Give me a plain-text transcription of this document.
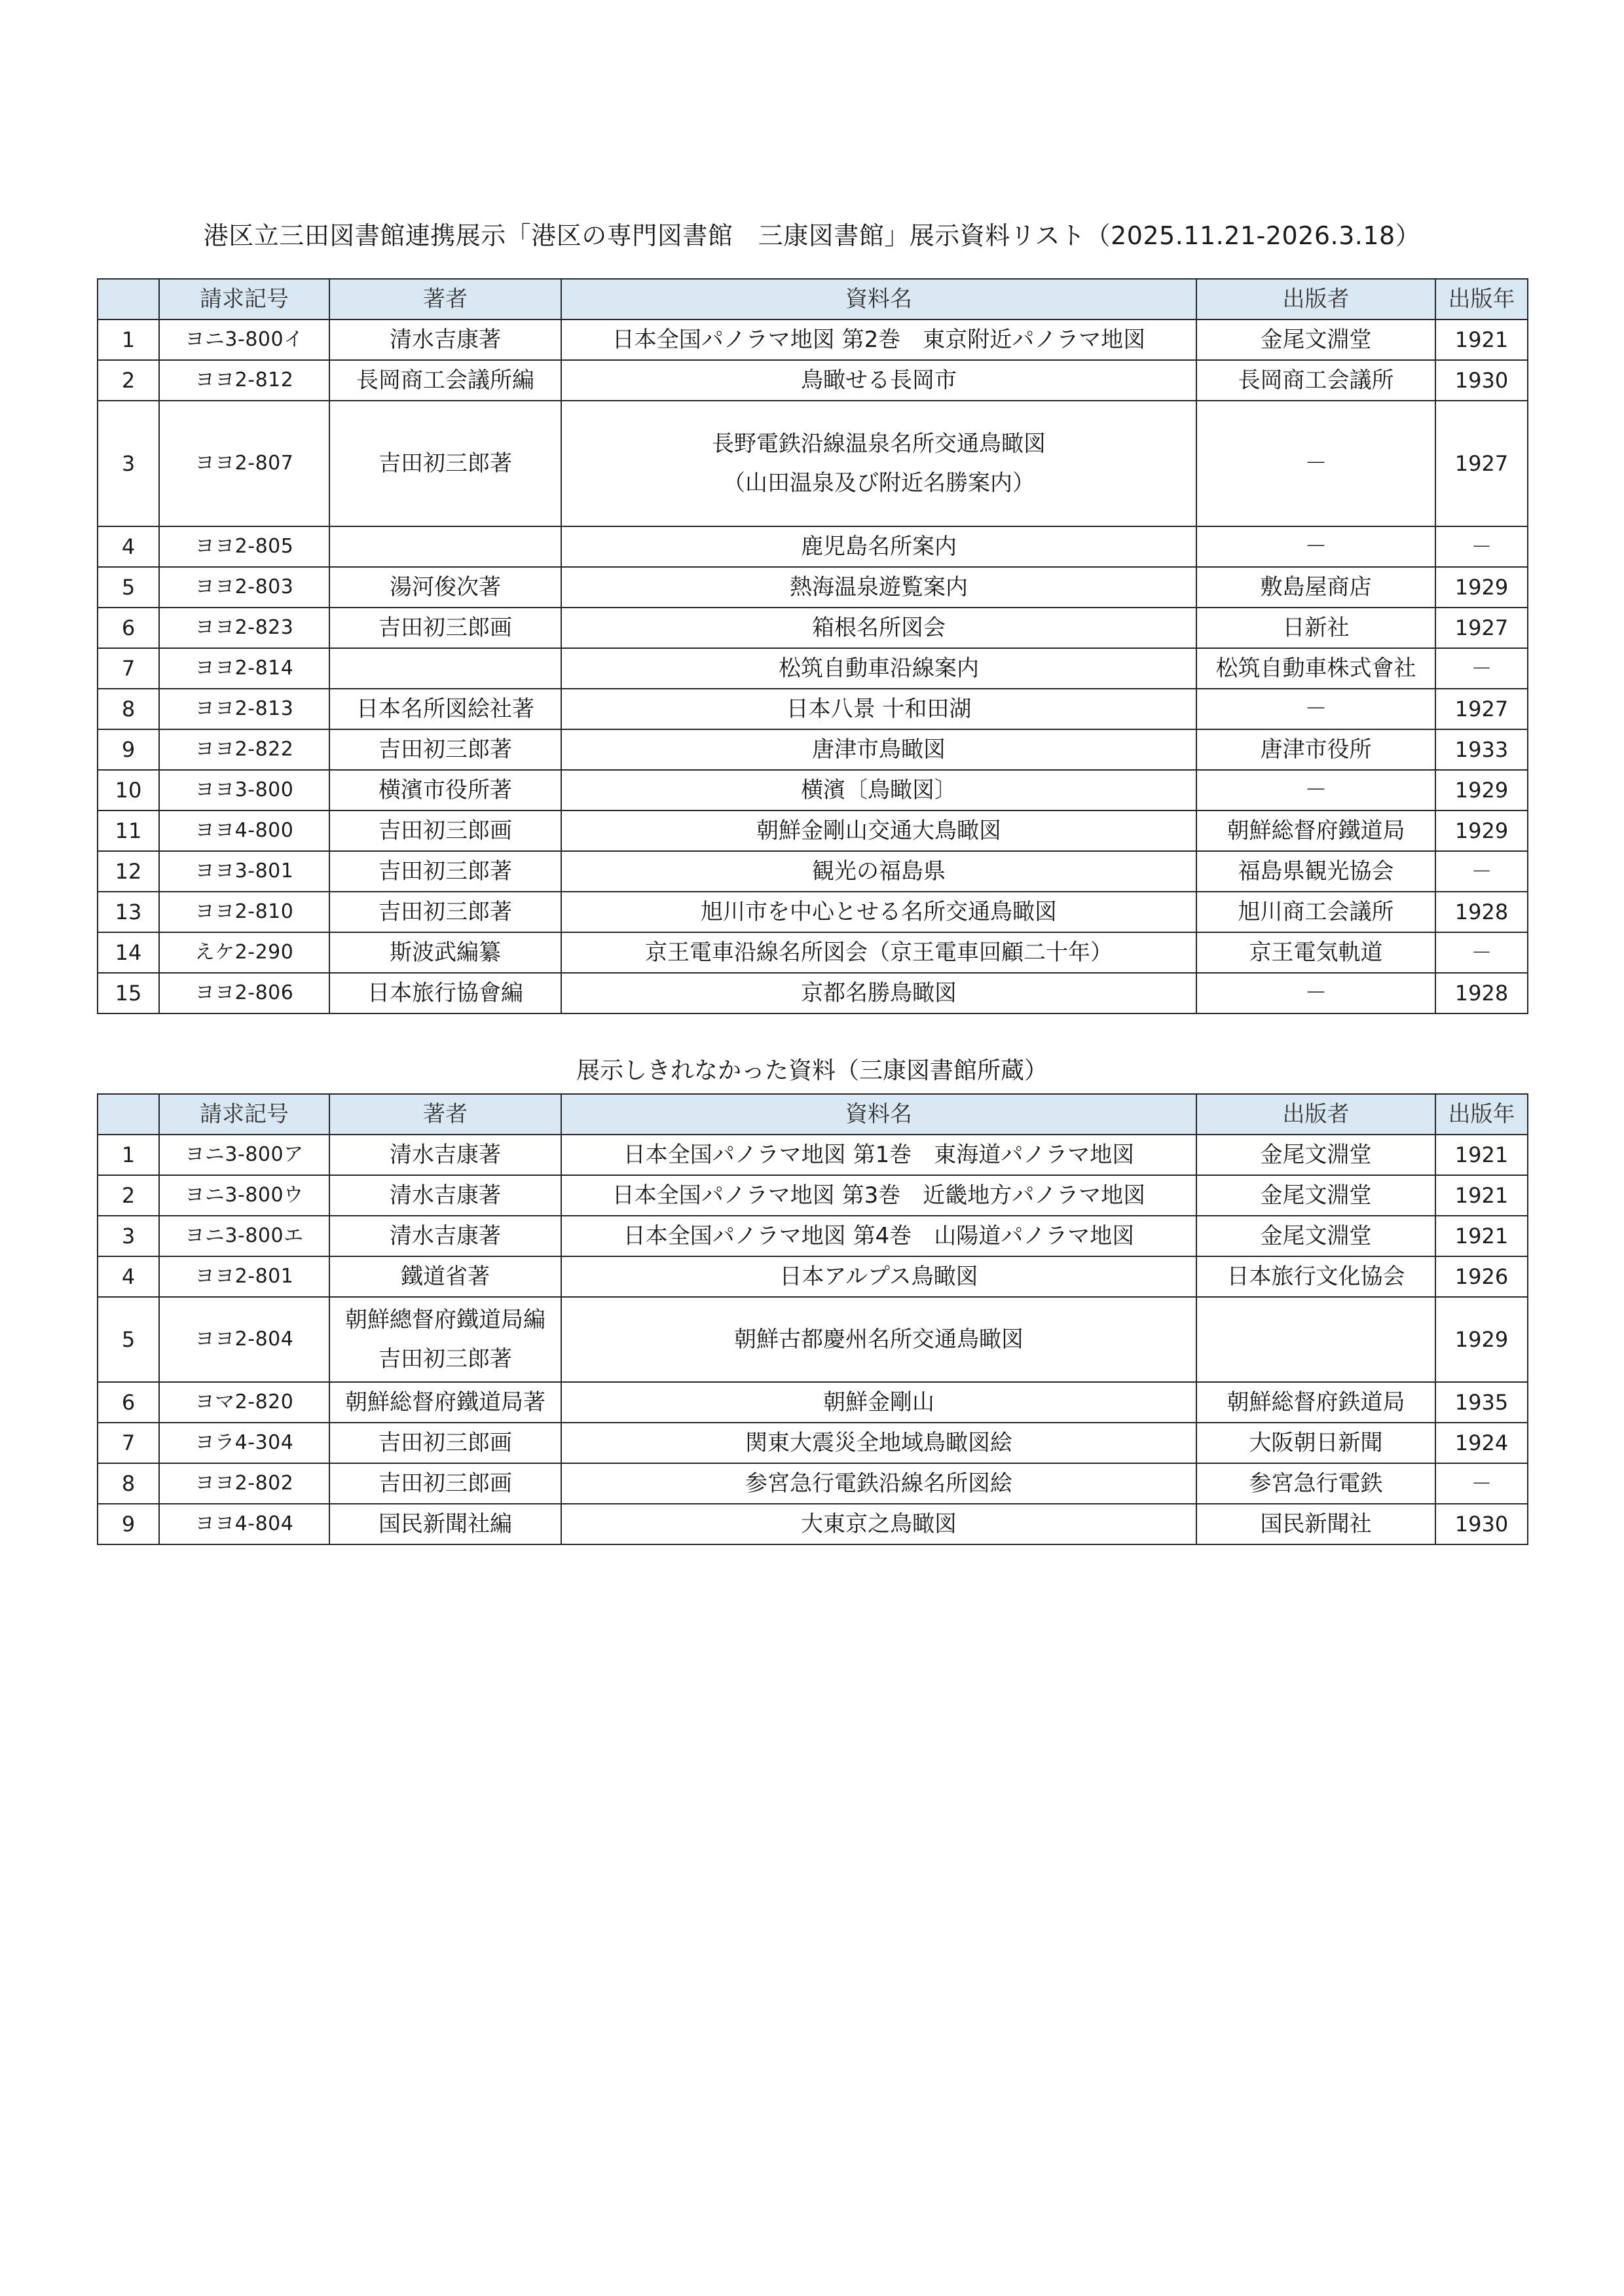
港区立三田図書館連携展示「港区の専門図書館　三康図書館」展示資料リスト（2025.11.21-2026.3.18）
	請求記号	著者	資料名	出版者	出版年
1	ヨニ3-800イ	清水吉康著	日本全国パノラマ地図 第2巻　東京附近パノラマ地図	金尾文淵堂	1921
2	ヨヨ2-812	長岡商工会議所編	鳥瞰せる長岡市	長岡商工会議所	1930
3	ヨヨ2-807	吉田初三郎著	長野電鉄沿線温泉名所交通鳥瞰図
（山田温泉及び附近名勝案内）	－	1927
4	ヨヨ2-805		鹿児島名所案内	－	－
5	ヨヨ2-803	湯河俊次著	熱海温泉遊覧案内	敷島屋商店	1929
6	ヨヨ2-823	吉田初三郎画	箱根名所図会	日新社	1927
7	ヨヨ2-814		松筑自動車沿線案内	松筑自動車株式會社	－
8	ヨヨ2-813	日本名所図絵社著	日本八景 十和田湖	－	1927
9	ヨヨ2-822	吉田初三郎著	唐津市鳥瞰図	唐津市役所	1933
10	ヨヨ3-800	横濱市役所著	横濱〔鳥瞰図〕	－	1929
11	ヨヨ4-800	吉田初三郎画	朝鮮金剛山交通大鳥瞰図	朝鮮総督府鐵道局	1929
12	ヨヨ3-801	吉田初三郎著	観光の福島県	福島県観光協会	－
13	ヨヨ2-810	吉田初三郎著	旭川市を中心とせる名所交通鳥瞰図	旭川商工会議所	1928
14	えケ2-290	斯波武編纂	京王電車沿線名所図会（京王電車回顧二十年）	京王電気軌道	－
15	ヨヨ2-806	日本旅行協會編	京都名勝鳥瞰図	－	1928
展示しきれなかった資料（三康図書館所蔵）
	請求記号	著者	資料名	出版者	出版年
1	ヨニ3-800ア	清水吉康著	日本全国パノラマ地図 第1巻　東海道パノラマ地図	金尾文淵堂	1921
2	ヨニ3-800ウ	清水吉康著	日本全国パノラマ地図 第3巻　近畿地方パノラマ地図	金尾文淵堂	1921
3	ヨニ3-800エ	清水吉康著	日本全国パノラマ地図 第4巻　山陽道パノラマ地図	金尾文淵堂	1921
4	ヨヨ2-801	鐵道省著	日本アルプス鳥瞰図	日本旅行文化協会	1926
5	ヨヨ2-804	朝鮮總督府鐵道局編
吉田初三郎著	朝鮮古都慶州名所交通鳥瞰図		1929
6	ヨマ2-820	朝鮮総督府鐵道局著	朝鮮金剛山	朝鮮総督府鉄道局	1935
7	ヨラ4-304	吉田初三郎画	関東大震災全地域鳥瞰図絵	大阪朝日新聞	1924
8	ヨヨ2-802	吉田初三郎画	参宮急行電鉄沿線名所図絵	参宮急行電鉄	－
9	ヨヨ4-804	国民新聞社編	大東京之鳥瞰図	国民新聞社	1930
